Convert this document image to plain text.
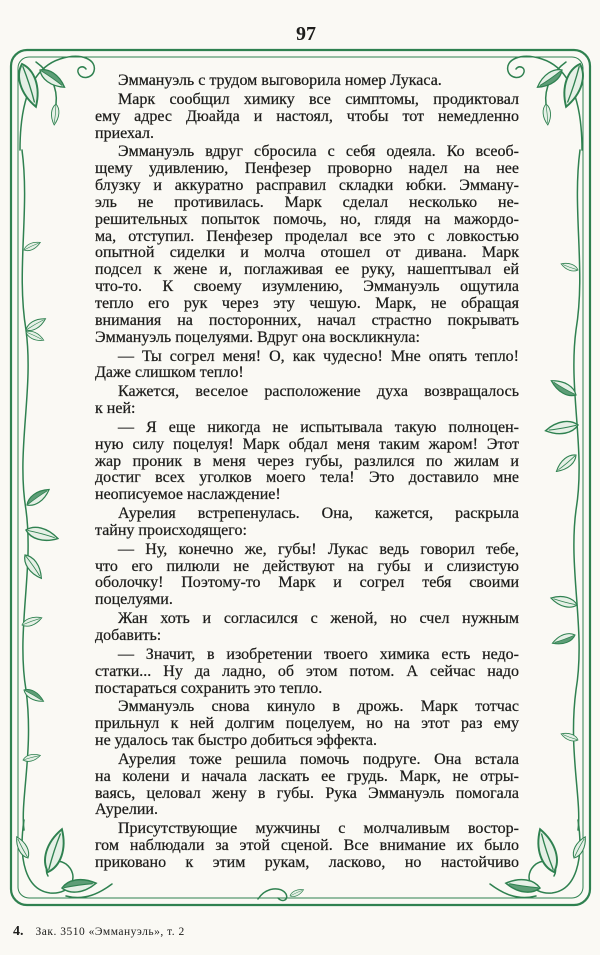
97
Эммануэль с трудом выговорила номер Лукаса.
Марк сообщил химику все симптомы, продиктовал
ему адрес Дюайда и настоял, чтобы тот немедленно
приехал.
Эммануэль вдруг сбросила с себя одеяла. Ко всеоб-
щему удивлению, Пенфезер проворно надел на нее
блузку и аккуратно расправил складки юбки. Эмману-
эль не противилась. Марк сделал несколько не-
решительных попыток помочь, но, глядя на мажордо-
ма, отступил. Пенфезер проделал все это с ловкостью
опытной сиделки и молча отошел от дивана. Марк
подсел к жене и, поглаживая ее руку, нашептывал ей
что-то. К своему изумлению, Эммануэль ощутила
тепло его рук через эту чешую. Марк, не обращая
внимания на посторонних, начал страстно покрывать
Эммануэль поцелуями. Вдруг она воскликнула:
— Ты согрел меня! О, как чудесно! Мне опять тепло!
Даже слишком тепло!
Кажется, веселое расположение духа возвращалось
к ней:
— Я еще никогда не испытывала такую полноцен-
ную силу поцелуя! Марк обдал меня таким жаром! Этот
жар проник в меня через губы, разлился по жилам и
достиг всех уголков моего тела! Это доставило мне
неописуемое наслаждение!
Аурелия встрепенулась. Она, кажется, раскрыла
тайну происходящего:
— Ну, конечно же, губы! Лукас ведь говорил тебе,
что его пилюли не действуют на губы и слизистую
оболочку! Поэтому-то Марк и согрел тебя своими
поцелуями.
Жан хоть и согласился с женой, но счел нужным
добавить:
— Значит, в изобретении твоего химика есть недо-
статки... Ну да ладно, об этом потом. А сейчас надо
постараться сохранить это тепло.
Эммануэль снова кинуло в дрожь. Марк тотчас
прильнул к ней долгим поцелуем, но на этот раз ему
не удалось так быстро добиться эффекта.
Аурелия тоже решила помочь подруге. Она встала
на колени и начала ласкать ее грудь. Марк, не отры-
ваясь, целовал жену в губы. Рука Эммануэль помогала
Аурелии.
Присутствующие мужчины с молчаливым востор-
гом наблюдали за этой сценой. Все внимание их было
приковано к этим рукам, ласково, но настойчиво
4. Зак. 3510 «Эммануэль», т. 2
